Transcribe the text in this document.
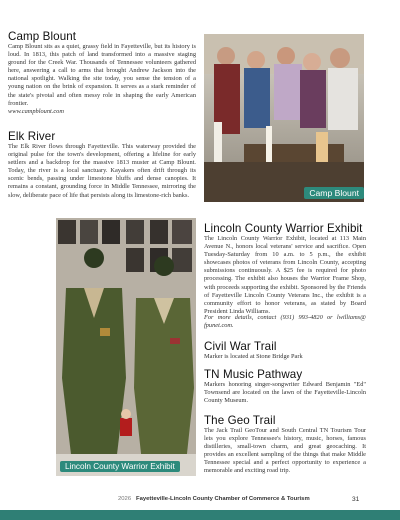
Camp Blount

Camp Blount sits as a quiet, grassy field in Fayetteville, but its history is loud. In 1813, this patch of land transformed into a massive staging ground for the Creek War. Thousands of Tennessee volunteers gathered here, answering a call to arms that brought Andrew Jackson into the national spotlight. Walking the site today, you sense the tension of a young nation on the brink of expansion. It serves as a stark reminder of the state's pivotal and often messy role in shaping the early American frontier.

www.campblount.com

Elk River

The Elk River flows through Fayetteville. This waterway provided the original pulse for the town's development, offering a lifeline for early settlers and a backdrop for the massive 1813 muster at Camp Blount. Today, the river is a local sanctuary. Kayakers often drift through its scenic bends, passing under limestone bluffs and dense canopies. It remains a constant, grounding force in Middle Tennessee, mirroring the slow, deliberate pace of life that persists along its limestone-rich banks.	Camp Blount
Lincoln County Warrior Exhibit
Lincoln County Warrior Exhibit

The Lincoln County Warrior Exhibit, located at 113 Main Avenue N., honors local veterans' service and sacrifice. Open Tuesday-Saturday from 10 a.m. to 5 p.m., the exhibit showcases photos of veterans from Lincoln County, accepting submissions continuously. A $25 fee is required for photo processing. The exhibit also houses the Warrior Frame Shop, with proceeds supporting the exhibit. Sponsored by the Friends of Fayetteville Lincoln County Veterans Inc., the exhibit is a community effort to honor veterans, as stated by Board President Linda Williams.

For more details, contact (931) 993-4820 or lwilliams@ fpunet.com.

Civil War Trail

Marker is located at Stone Bridge Park

TN Music Pathway

Markers honoring singer-songwriter Edward Benjamin "Ed" Townsend are located on the lawn of the Fayetteville-Lincoln County Museum.

The Geo Trail

The Jack Trail GeoTour and South Central TN Tourism Tour lets you explore Tennessee's history, music, horses, famous distilleries, small-town charm, and great geocaching. It provides an excellent sampling of the things that make Middle Tennessee special and a perfect opportunity to experience a memorable and exciting road trip.

2026 Fayetteville-Lincoln County Chamber of Commerce & Tourism	31
